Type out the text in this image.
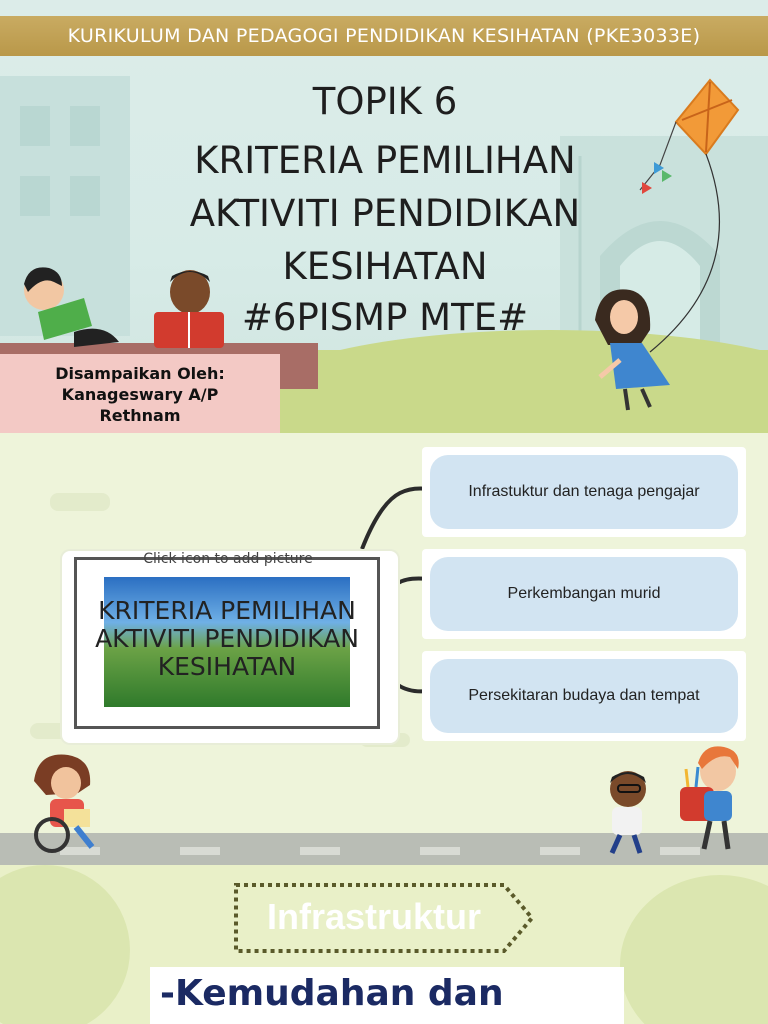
KURIKULUM DAN PEDAGOGI PENDIDIKAN KESIHATAN (PKE3033E)
TOPIK 6
KRITERIA PEMILIHAN
AKTIVITI PENDIDIKAN
KESIHATAN
#6PISMP MTE#
Disampaikan Oleh:
Kanageswary A/P
Rethnam
Click icon to add picture
KRITERIA PEMILIHAN AKTIVITI PENDIDIKAN KESIHATAN
Infrastuktur dan tenaga pengajar
Perkembangan murid
Persekitaran budaya dan tempat
Infrastruktur
-Kemudahan dan
